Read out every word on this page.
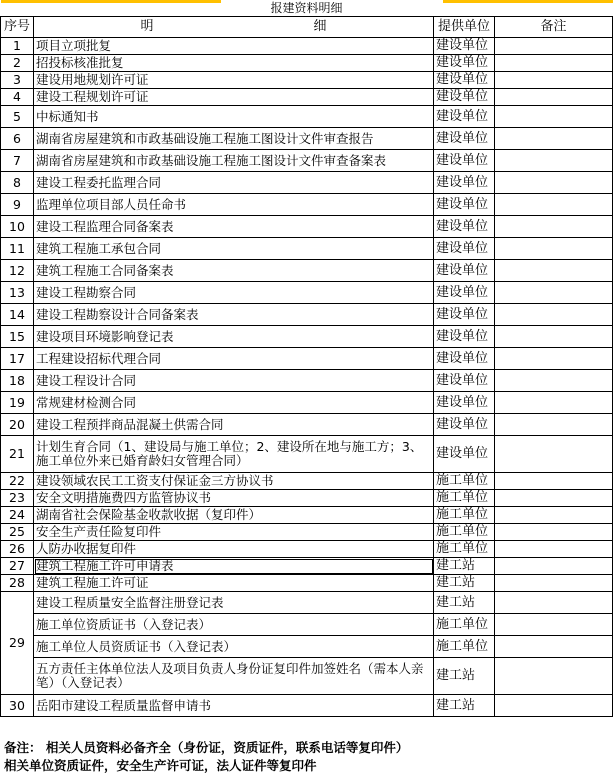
报建资料明细			
序号	明 细	提供单位	备注
1	项目立项批复	建设单位	
2	招投标核准批复	建设单位	
3	建设用地规划许可证	建设单位	
4	建设工程规划许可证	建设单位	
5	中标通知书	建设单位	
6	湖南省房屋建筑和市政基础设施工程施工图设计文件审查报告	建设单位	
7	湖南省房屋建筑和市政基础设施工程施工图设计文件审查备案表	建设单位	
8	建设工程委托监理合同	建设单位	
9	监理单位项目部人员任命书	建设单位	
10	建设工程监理合同备案表	建设单位	
11	建筑工程施工承包合同	建设单位	
12	建筑工程施工合同备案表	建设单位	
13	建设工程勘察合同	建设单位	
14	建设工程勘察设计合同备案表	建设单位	
15	建设项目环境影响登记表	建设单位	
17	工程建设招标代理合同	建设单位	
18	建设工程设计合同	建设单位	
19	常规建材检测合同	建设单位	
20	建设工程预拌商品混凝土供需合同	建设单位	
21	计划生育合同（1、建设局与施工单位；2、建设所在地与施工方；3、施工单位外来已婚育龄妇女管理合同）	建设单位	
22	建设领域农民工工资支付保证金三方协议书	施工单位	
23	安全文明措施费四方监管协议书	施工单位	
24	湖南省社会保险基金收款收据（复印件）	施工单位	
25	安全生产责任险复印件	施工单位	
26	人防办收据复印件	施工单位	
27	建筑工程施工许可申请表	建工站	
28	建筑工程施工许可证	建工站	
29	建设工程质量安全监督注册登记表	建工站	
	施工单位资质证书（入登记表）	施工单位	
	施工单位人员资质证书（入登记表）	施工单位	
	五方责任主体单位法人及项目负责人身份证复印件加签姓名（需本人亲笔）（入登记表）	建工站	
30	岳阳市建设工程质量监督申请书	建工站	
备注： 相关人员资料必备齐全（身份证，资质证件，联系电话等复印件）
相关单位资质证件，安全生产许可证，法人证件等复印件
